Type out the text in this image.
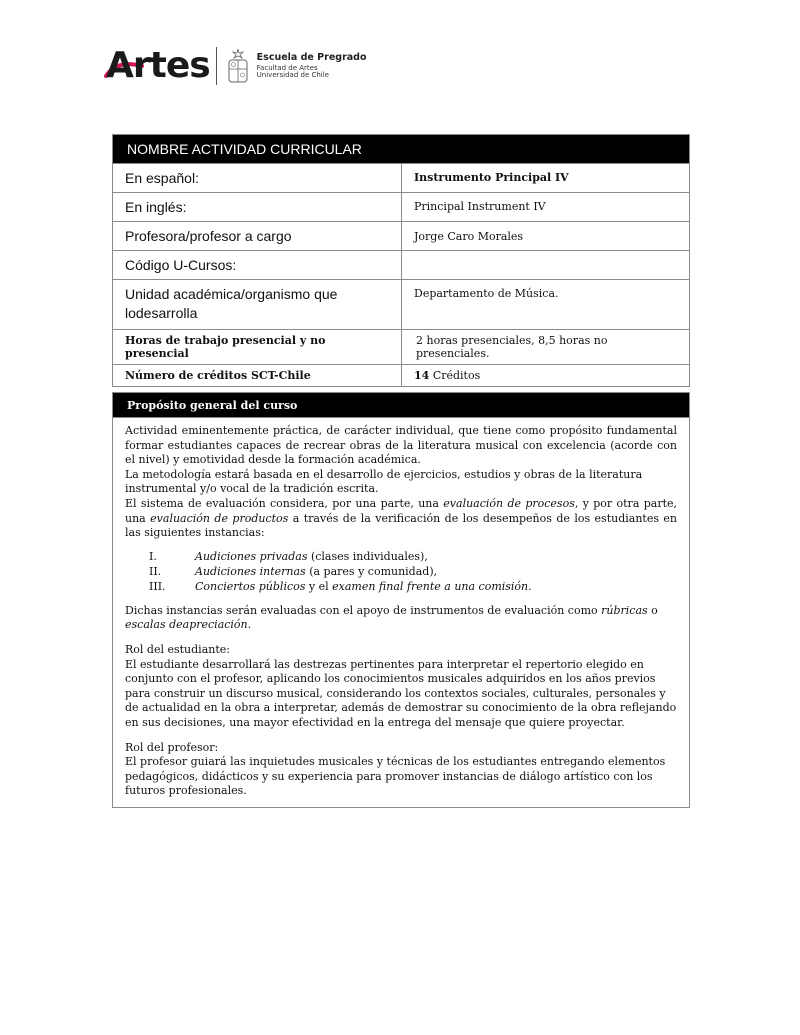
Artes	Escuela de Pregrado
Facultad de Artes
Universidad de Chile
NOMBRE ACTIVIDAD CURRICULAR	
En español:	Instrumento Principal IV
En inglés:	Principal Instrument IV
Profesora/profesor a cargo	Jorge Caro Morales
Código U-Cursos:	
Unidad académica/organismo que lodesarrolla	Departamento de Música.
Horas de trabajo presencial y no presencial	2 horas presenciales, 8,5 horas no presenciales.
Número de créditos SCT-Chile	14 Créditos
Propósito general del curso

Actividad eminentemente práctica, de carácter individual, que tiene como propósito fundamental formar estudiantes capaces de recrear obras de la literatura musical con excelencia (acorde con el nivel) y emotividad desde la formación académica.

La metodología estará basada en el desarrollo de ejercicios, estudios y obras de la literatura instrumental y/o vocal de la tradición escrita.

El sistema de evaluación considera, por una parte, una evaluación de procesos, y por otra parte, una evaluación de productos a través de la verificación de los desempeños de los estudiantes en las siguientes instancias:

I.	Audiciones privadas (clases individuales),
II.	Audiciones internas (a pares y comunidad),
III.	Conciertos públicos y el examen final frente a una comisión.

Dichas instancias serán evaluadas con el apoyo de instrumentos de evaluación como rúbricas o escalas deapreciación.

Rol del estudiante:

El estudiante desarrollará las destrezas pertinentes para interpretar el repertorio elegido en conjunto con el profesor, aplicando los conocimientos musicales adquiridos en los años previos para construir un discurso musical, considerando los contextos sociales, culturales, personales y de actualidad en la obra a interpretar, además de demostrar su conocimiento de la obra reflejando en sus decisiones, una mayor efectividad en la entrega del mensaje que quiere proyectar.

Rol del profesor:

El profesor guiará las inquietudes musicales y técnicas de los estudiantes entregando elementos pedagógicos, didácticos y su experiencia para promover instancias de diálogo artístico con los futuros profesionales.
